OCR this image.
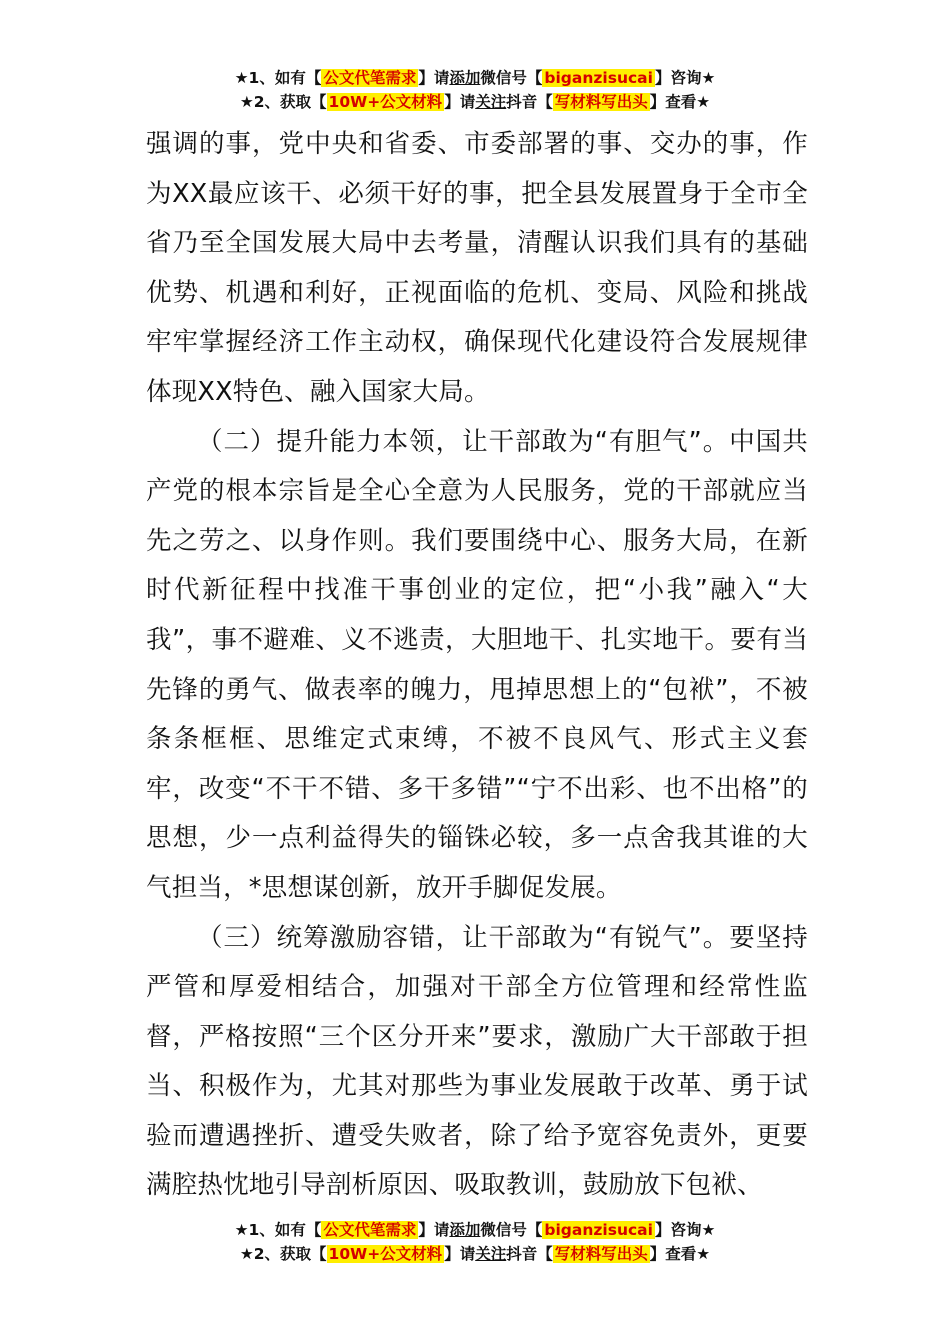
★1、如有【 公文代笔需求 】请添加微信号【 biganzisucai 】咨询★
★2、获取【 10W+公文材料 】请关注抖音【 写材料写出头 】查看★

强调的事，党中央和省委、市委部署的事、交办的事，作为XX最应该干、必须干好的事，把全县发展置身于全市全省乃至全国发展大局中去考量，清醒认识我们具有的基础优势、机遇和利好，正视面临的危机、变局、风险和挑战牢牢掌握经济工作主动权，确保现代化建设符合发展规律体现XX特色、融入国家大局。

（二）提升能力本领，让干部敢为“有胆气”。中国共产党的根本宗旨是全心全意为人民服务，党的干部就应当先之劳之、以身作则。我们要围绕中心、服务大局，在新时代新征程中找准干事创业的定位，把“小我”融入“大我”，事不避难、义不逃责，大胆地干、扎实地干。要有当先锋的勇气、做表率的魄力，甩掉思想上的“包袱”，不被条条框框、思维定式束缚，不被不良风气、形式主义套牢，改变“不干不错、多干多错”“宁不出彩、也不出格”的思想，少一点利益得失的锱铢必较，多一点舍我其谁的大气担当，*思想谋创新，放开手脚促发展。

（三）统筹激励容错，让干部敢为“有锐气”。要坚持严管和厚爱相结合，加强对干部全方位管理和经常性监督，严格按照“三个区分开来”要求，激励广大干部敢于担当、积极作为，尤其对那些为事业发展敢于改革、勇于试验而遭遇挫折、遭受失败者，除了给予宽容免责外，更要满腔热忱地引导剖析原因、吸取教训，鼓励放下包袱、

★1、如有【 公文代笔需求 】请添加微信号【 biganzisucai 】咨询★
★2、获取【 10W+公文材料 】请关注抖音【 写材料写出头 】查看★
